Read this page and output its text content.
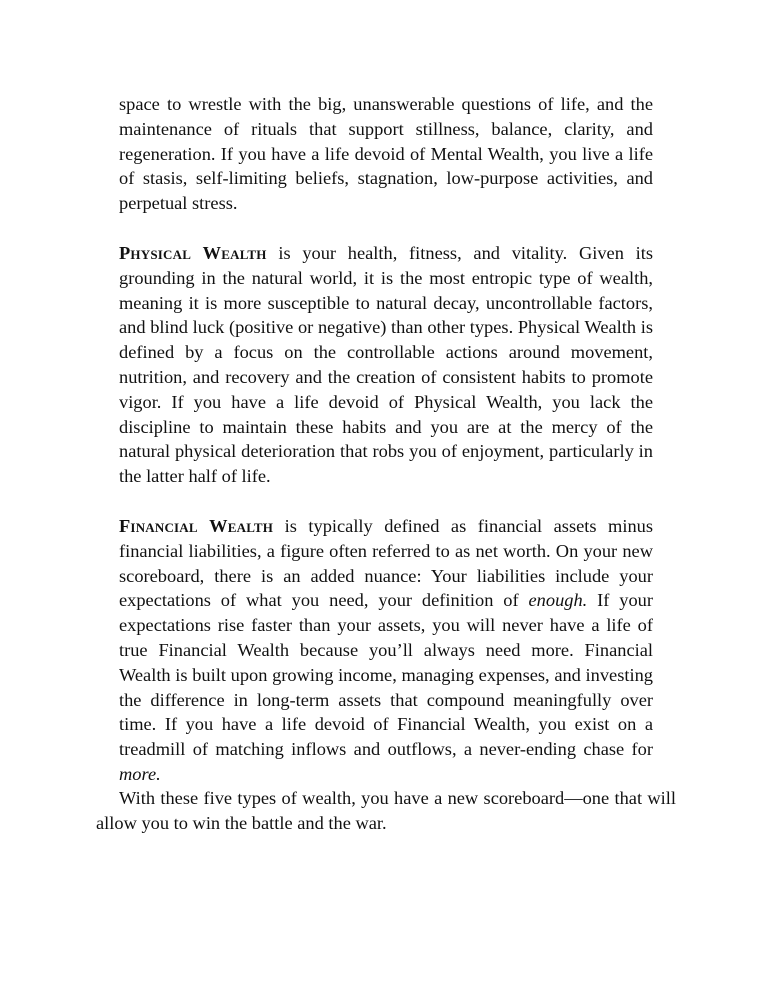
space to wrestle with the big, unanswerable questions of life, and the maintenance of rituals that support stillness, balance, clarity, and regeneration. If you have a life devoid of Mental Wealth, you live a life of stasis, self-limiting beliefs, stagnation, low-purpose activities, and perpetual stress.

Physical Wealth is your health, fitness, and vitality. Given its grounding in the natural world, it is the most entropic type of wealth, meaning it is more susceptible to natural decay, uncontrollable factors, and blind luck (positive or negative) than other types. Physical Wealth is defined by a focus on the controllable actions around movement, nutrition, and recovery and the creation of consistent habits to promote vigor. If you have a life devoid of Physical Wealth, you lack the discipline to maintain these habits and you are at the mercy of the natural physical deterioration that robs you of enjoyment, particularly in the latter half of life.

Financial Wealth is typically defined as financial assets minus financial liabilities, a figure often referred to as net worth. On your new scoreboard, there is an added nuance: Your liabilities include your expectations of what you need, your definition of enough. If your expectations rise faster than your assets, you will never have a life of true Financial Wealth because you’ll always need more. Financial Wealth is built upon growing income, managing expenses, and investing the difference in long-term assets that compound meaningfully over time. If you have a life devoid of Financial Wealth, you exist on a treadmill of matching inflows and outflows, a never-ending chase for more.

With these five types of wealth, you have a new scoreboard—one that will allow you to win the battle and the war.
